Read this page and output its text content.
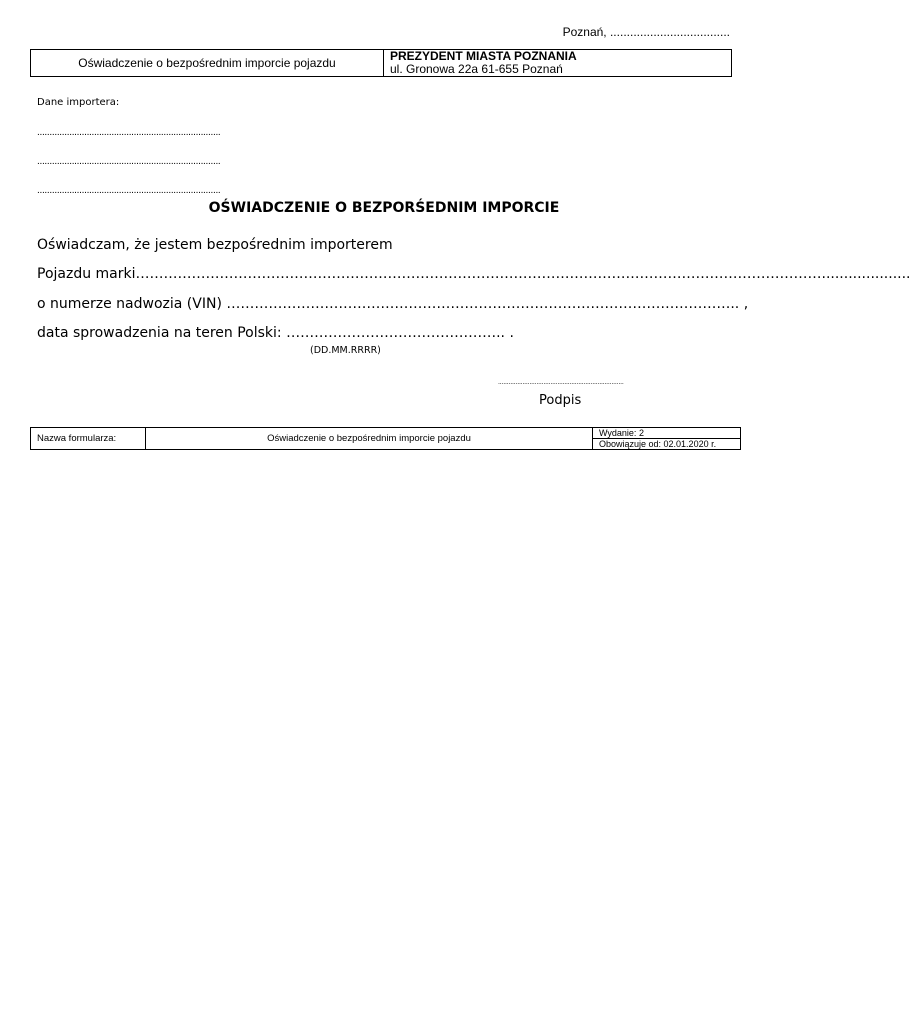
Poznań, ....................................
Oświadczenie o bezpośrednim imporcie pojazdu	PREZYDENT MIASTA POZNANIA
ul. Gronowa 22a 61-655 Poznań
Dane importera:
..........................................................................
..........................................................................
..........................................................................
OŚWIADCZENIE O BEZPORŚEDNIM IMPORCIE
Oświadczam, że jestem bezpośrednim importerem
Pojazdu marki…………………………………………………………………………………………………………………………………....................
o numerze nadwozia (VIN) ……………………………………………………………………………………………….. ,
data sprowadzenia na teren Polski: ……………………………………….. .
(DD.MM.RRRR)
........................................................................
Podpis
Nazwa formularza:	Oświadczenie o bezpośrednim imporcie pojazdu	Wydanie: 2
Obowiązuje od: 02.01.2020 r.
